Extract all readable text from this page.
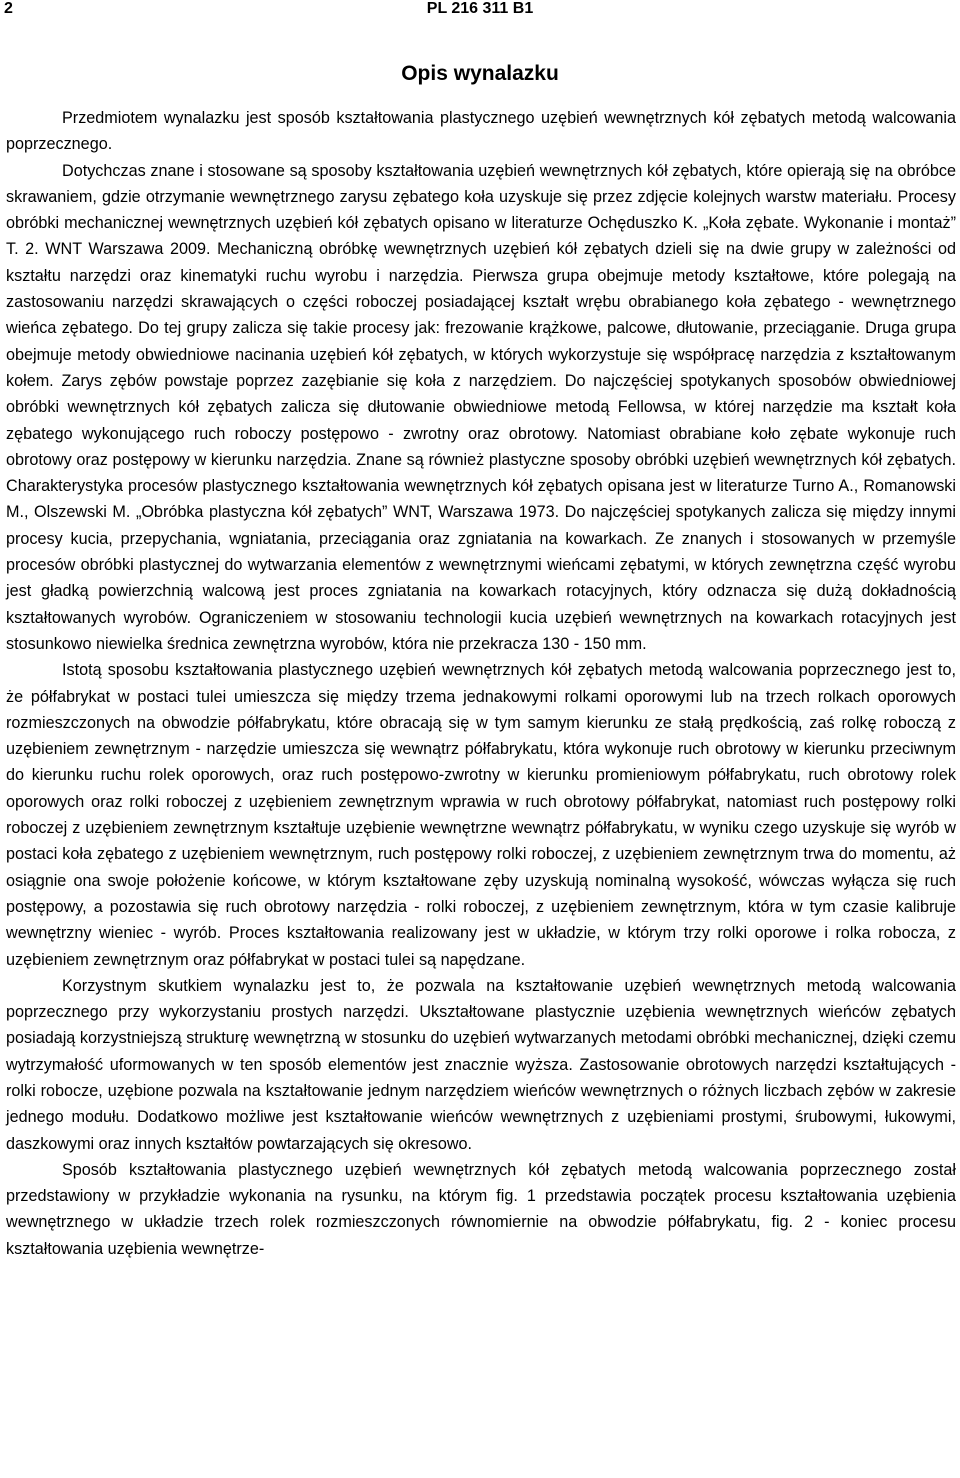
2	PL 216 311 B1
Opis wynalazku

Przedmiotem wynalazku jest sposób kształtowania plastycznego uzębień wewnętrznych kół zębatych metodą walcowania poprzecznego.

Dotychczas znane i stosowane są sposoby kształtowania uzębień wewnętrznych kół zębatych, które opierają się na obróbce skrawaniem, gdzie otrzymanie wewnętrznego zarysu zębatego koła uzyskuje się przez zdjęcie kolejnych warstw materiału. Procesy obróbki mechanicznej wewnętrznych uzębień kół zębatych opisano w literaturze Ochęduszko K. „Koła zębate. Wykonanie i montaż” T. 2. WNT Warszawa 2009. Mechaniczną obróbkę wewnętrznych uzębień kół zębatych dzieli się na dwie grupy w zależności od kształtu narzędzi oraz kinematyki ruchu wyrobu i narzędzia. Pierwsza grupa obejmuje metody kształtowe, które polegają na zastosowaniu narzędzi skrawających o części roboczej posiadającej kształt wrębu obrabianego koła zębatego - wewnętrznego wieńca zębatego. Do tej grupy zalicza się takie procesy jak: frezowanie krążkowe, palcowe, dłutowanie, przeciąganie. Druga grupa obejmuje metody obwiedniowe nacinania uzębień kół zębatych, w których wykorzystuje się współpracę narzędzia z kształtowanym kołem. Zarys zębów powstaje poprzez zazębianie się koła z narzędziem. Do najczęściej spotykanych sposobów obwiedniowej obróbki wewnętrznych kół zębatych zalicza się dłutowanie obwiedniowe metodą Fellowsa, w której narzędzie ma kształt koła zębatego wykonującego ruch roboczy postępowo - zwrotny oraz obrotowy. Natomiast obrabiane koło zębate wykonuje ruch obrotowy oraz postępowy w kierunku narzędzia. Znane są również plastyczne sposoby obróbki uzębień wewnętrznych kół zębatych. Charakterystyka procesów plastycznego kształtowania wewnętrznych kół zębatych opisana jest w literaturze Turno A., Romanowski M., Olszewski M. „Obróbka plastyczna kół zębatych” WNT, Warszawa 1973. Do najczęściej spotykanych zalicza się między innymi procesy kucia, przepychania, wgniatania, przeciągania oraz zgniatania na kowarkach. Ze znanych i stosowanych w przemyśle procesów obróbki plastycznej do wytwarzania elementów z wewnętrznymi wieńcami zębatymi, w których zewnętrzna część wyrobu jest gładką powierzchnią walcową jest proces zgniatania na kowarkach rotacyjnych, który odznacza się dużą dokładnością kształtowanych wyrobów. Ograniczeniem w stosowaniu technologii kucia uzębień wewnętrznych na kowarkach rotacyjnych jest stosunkowo niewielka średnica zewnętrzna wyrobów, która nie przekracza 130 - 150 mm.

Istotą sposobu kształtowania plastycznego uzębień wewnętrznych kół zębatych metodą walcowania poprzecznego jest to, że półfabrykat w postaci tulei umieszcza się między trzema jednakowymi rolkami oporowymi lub na trzech rolkach oporowych rozmieszczonych na obwodzie półfabrykatu, które obracają się w tym samym kierunku ze stałą prędkością, zaś rolkę roboczą z uzębieniem zewnętrznym - narzędzie umieszcza się wewnątrz półfabrykatu, która wykonuje ruch obrotowy w kierunku przeciwnym do kierunku ruchu rolek oporowych, oraz ruch postępowo-zwrotny w kierunku promieniowym półfabrykatu, ruch obrotowy rolek oporowych oraz rolki roboczej z uzębieniem zewnętrznym wprawia w ruch obrotowy półfabrykat, natomiast ruch postępowy rolki roboczej z uzębieniem zewnętrznym kształtuje uzębienie wewnętrzne wewnątrz półfabrykatu, w wyniku czego uzyskuje się wyrób w postaci koła zębatego z uzębieniem wewnętrznym, ruch postępowy rolki roboczej, z uzębieniem zewnętrznym trwa do momentu, aż osiągnie ona swoje położenie końcowe, w którym kształtowane zęby uzyskują nominalną wysokość, wówczas wyłącza się ruch postępowy, a pozostawia się ruch obrotowy narzędzia - rolki roboczej, z uzębieniem zewnętrznym, która w tym czasie kalibruje wewnętrzny wieniec - wyrób. Proces kształtowania realizowany jest w układzie, w którym trzy rolki oporowe i rolka robocza, z uzębieniem zewnętrznym oraz półfabrykat w postaci tulei są napędzane.

Korzystnym skutkiem wynalazku jest to, że pozwala na kształtowanie uzębień wewnętrznych metodą walcowania poprzecznego przy wykorzystaniu prostych narzędzi. Ukształtowane plastycznie uzębienia wewnętrznych wieńców zębatych posiadają korzystniejszą strukturę wewnętrzną w stosunku do uzębień wytwarzanych metodami obróbki mechanicznej, dzięki czemu wytrzymałość uformowanych w ten sposób elementów jest znacznie wyższa. Zastosowanie obrotowych narzędzi kształtujących - rolki robocze, uzębione pozwala na kształtowanie jednym narzędziem wieńców wewnętrznych o różnych liczbach zębów w zakresie jednego modułu. Dodatkowo możliwe jest kształtowanie wieńców wewnętrznych z uzębieniami prostymi, śrubowymi, łukowymi, daszkowymi oraz innych kształtów powtarzających się okresowo.

Sposób kształtowania plastycznego uzębień wewnętrznych kół zębatych metodą walcowania poprzecznego został przedstawiony w przykładzie wykonania na rysunku, na którym fig. 1 przedstawia początek procesu kształtowania uzębienia wewnętrznego w układzie trzech rolek rozmieszczonych równomiernie na obwodzie półfabrykatu, fig. 2 - koniec procesu kształtowania uzębienia wewnętrze-
